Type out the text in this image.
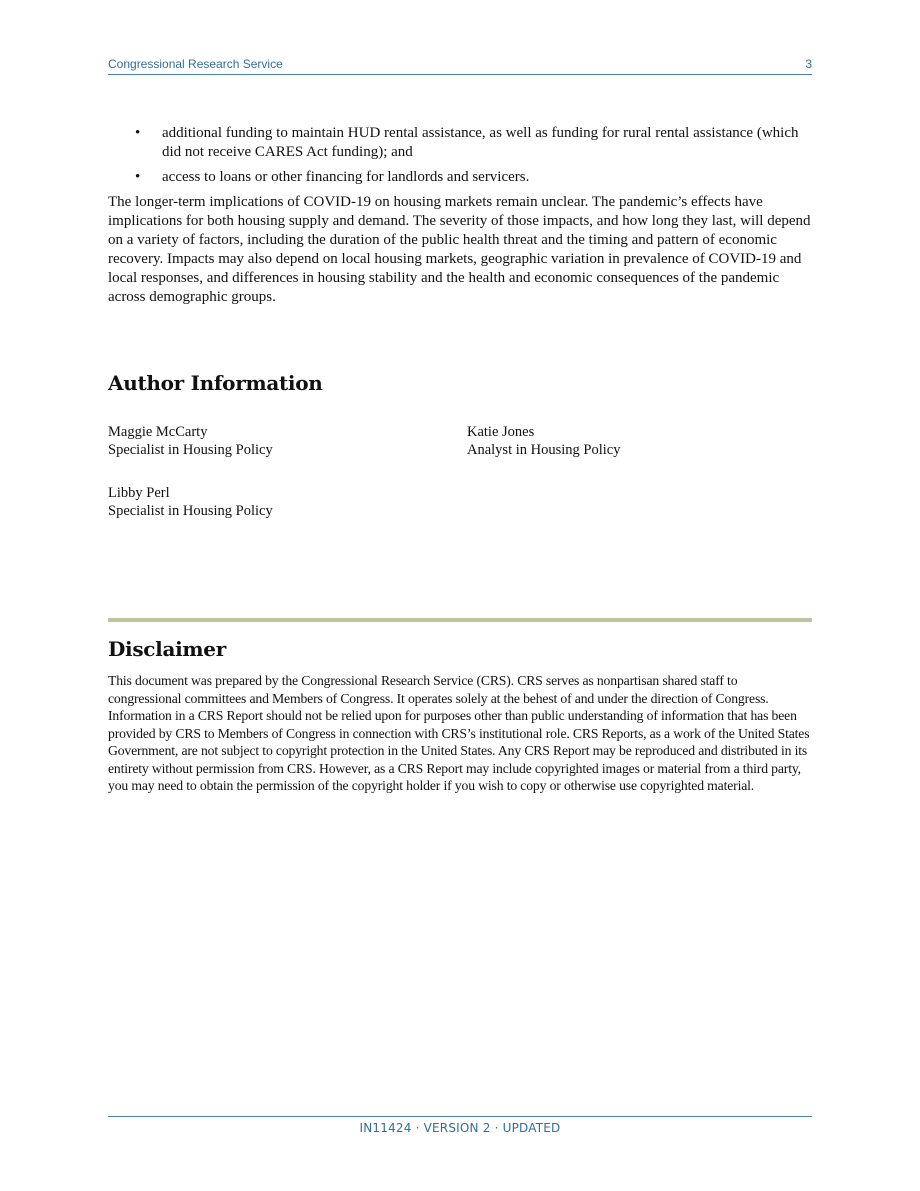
Congressional Research Service	3
• additional funding to maintain HUD rental assistance, as well as funding for rural rental assistance (which did not receive CARES Act funding); and
• access to loans or other financing for landlords and servicers.

The longer-term implications of COVID-19 on housing markets remain unclear. The pandemic’s effects have implications for both housing supply and demand. The severity of those impacts, and how long they last, will depend on a variety of factors, including the duration of the public health threat and the timing and pattern of economic recovery. Impacts may also depend on local housing markets, geographic variation in prevalence of COVID-19 and local responses, and differences in housing stability and the health and economic consequences of the pandemic across demographic groups.

Author Information
Maggie McCarty
Specialist in Housing Policy
Katie Jones
Analyst in Housing Policy
Libby Perl
Specialist in Housing Policy
Disclaimer

This document was prepared by the Congressional Research Service (CRS). CRS serves as nonpartisan shared staff to congressional committees and Members of Congress. It operates solely at the behest of and under the direction of Congress. Information in a CRS Report should not be relied upon for purposes other than public understanding of information that has been provided by CRS to Members of Congress in connection with CRS’s institutional role. CRS Reports, as a work of the United States Government, are not subject to copyright protection in the United States. Any CRS Report may be reproduced and distributed in its entirety without permission from CRS. However, as a CRS Report may include copyrighted images or material from a third party, you may need to obtain the permission of the copyright holder if you wish to copy or otherwise use copyrighted material.

IN11424 · VERSION 2 · UPDATED
